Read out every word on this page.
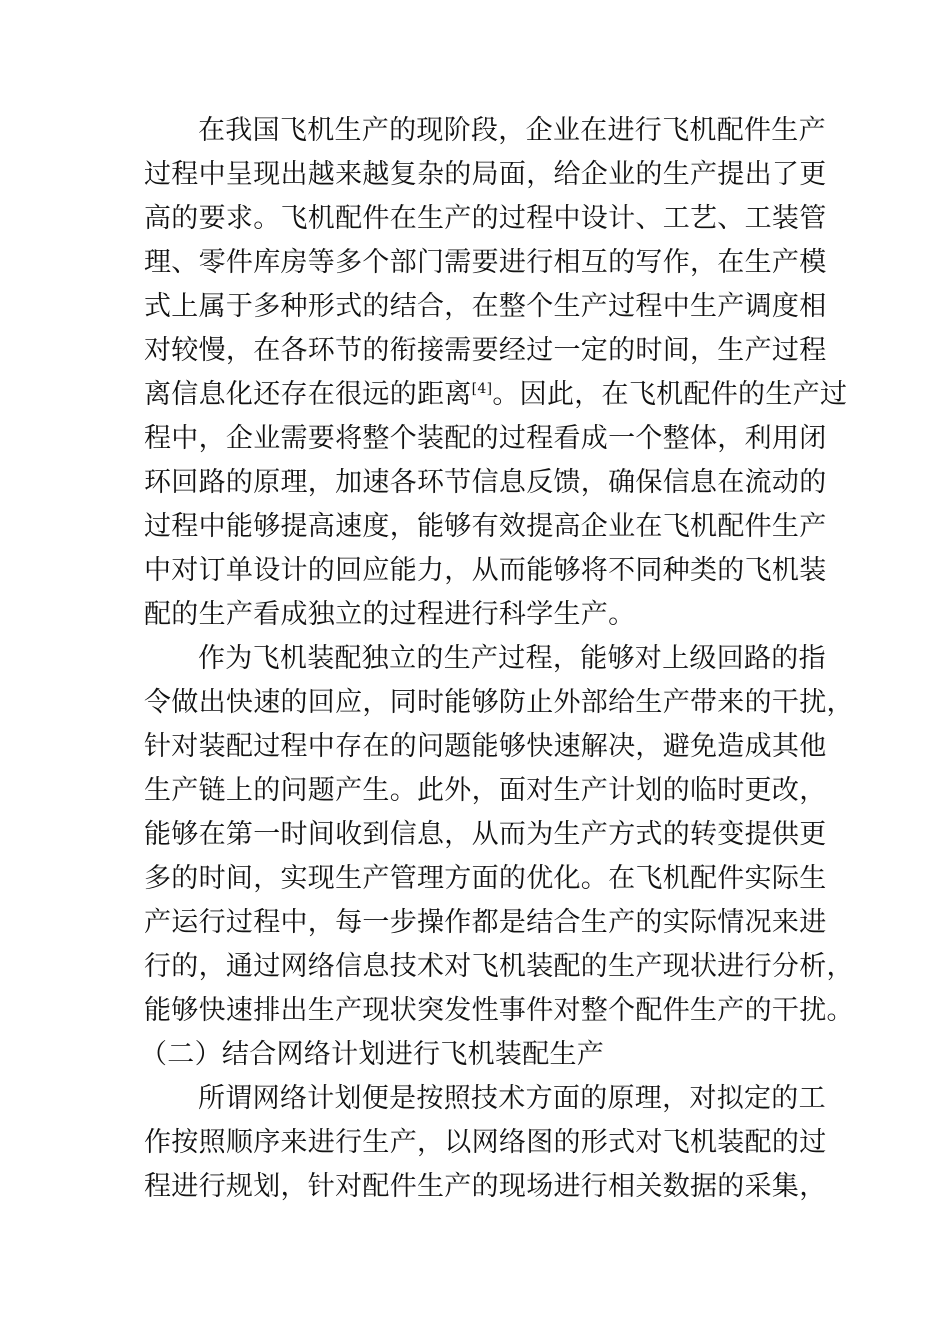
在我国飞机生产的现阶段，企业在进行飞机配件生产
过程中呈现出越来越复杂的局面，给企业的生产提出了更
高的要求。飞机配件在生产的过程中设计、工艺、工装管
理、零件库房等多个部门需要进行相互的写作，在生产模
式上属于多种形式的结合，在整个生产过程中生产调度相
对较慢，在各环节的衔接需要经过一定的时间，生产过程
离信息化还存在很远的距离[4]。因此，在飞机配件的生产过
程中，企业需要将整个装配的过程看成一个整体，利用闭
环回路的原理，加速各环节信息反馈，确保信息在流动的
过程中能够提高速度，能够有效提高企业在飞机配件生产
中对订单设计的回应能力，从而能够将不同种类的飞机装
配的生产看成独立的过程进行科学生产。
作为飞机装配独立的生产过程，能够对上级回路的指
令做出快速的回应，同时能够防止外部给生产带来的干扰，
针对装配过程中存在的问题能够快速解决，避免造成其他
生产链上的问题产生。此外，面对生产计划的临时更改，
能够在第一时间收到信息，从而为生产方式的转变提供更
多的时间，实现生产管理方面的优化。在飞机配件实际生
产运行过程中，每一步操作都是结合生产的实际情况来进
行的，通过网络信息技术对飞机装配的生产现状进行分析，
能够快速排出生产现状突发性事件对整个配件生产的干扰。
（二）结合网络计划进行飞机装配生产
所谓网络计划便是按照技术方面的原理，对拟定的工
作按照顺序来进行生产，以网络图的形式对飞机装配的过
程进行规划，针对配件生产的现场进行相关数据的采集，
